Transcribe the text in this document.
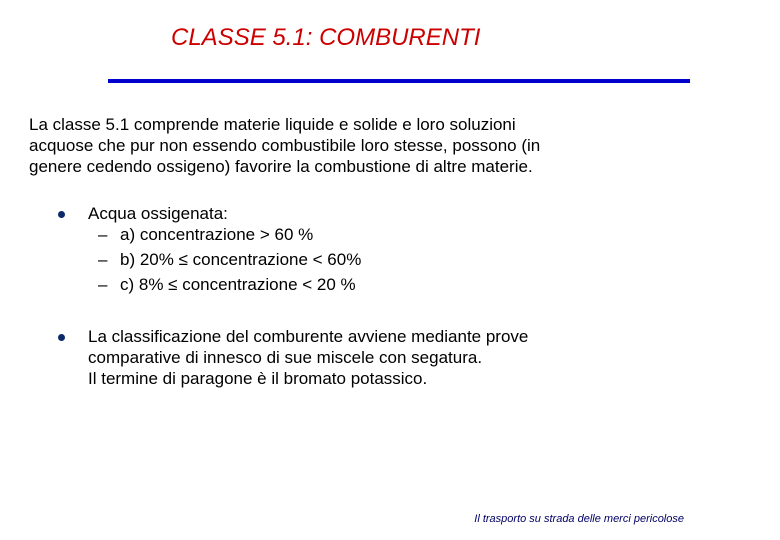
CLASSE 5.1: COMBURENTI
La classe 5.1 comprende materie liquide e solide e loro soluzioni
acquose che pur non essendo combustibile loro stesse, possono (in
genere cedendo ossigeno) favorire la combustione di altre materie.
Acqua ossigenata:
– a) concentrazione > 60 %
– b) 20% ≤ concentrazione < 60%
– c) 8% ≤ concentrazione < 20 %
La classificazione del comburente avviene mediante prove
comparative di innesco di sue miscele con segatura.
Il termine di paragone è il bromato potassico.
Il trasporto su strada delle merci pericolose
